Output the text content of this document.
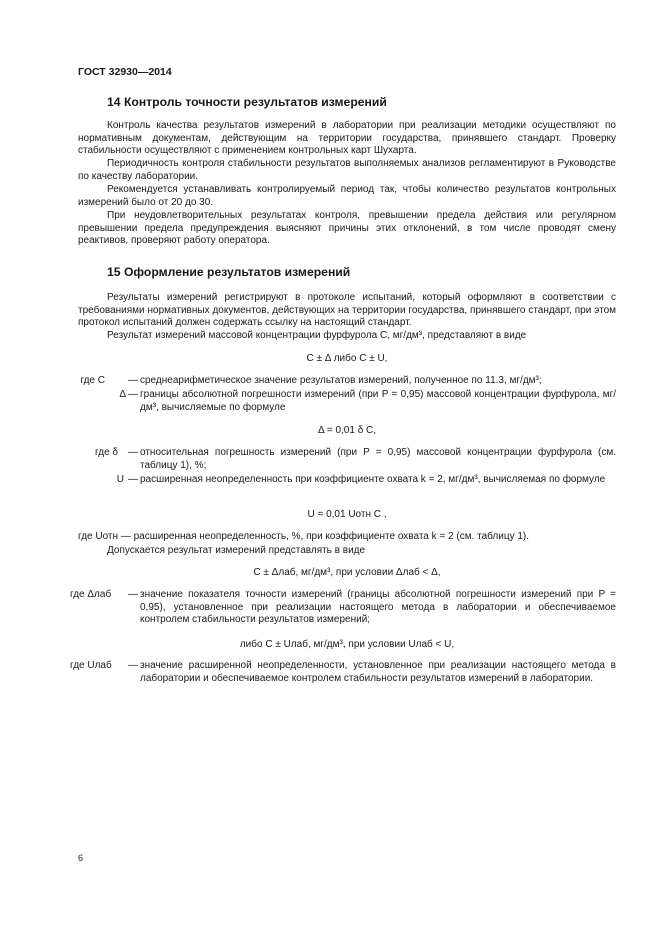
ГОСТ 32930—2014
14 Контроль точности результатов измерений
Контроль качества результатов измерений в лаборатории при реализации методики осуществляют по нормативным документам, действующим на территории государства, принявшего стандарт. Проверку стабильности осуществляют с применением контрольных карт Шухарта.
Периодичность контроля стабильности результатов выполняемых анализов регламентируют в Руководстве по качеству лаборатории.
Рекомендуется устанавливать контролируемый период так, чтобы количество результатов контрольных измерений было от 20 до 30.
При неудовлетворительных результатах контроля, превышении предела действия или регулярном превышении предела предупреждения выясняют причины этих отклонений, в том числе проводят смену реактивов, проверяют работу оператора.
15 Оформление результатов измерений
Результаты измерений регистрируют в протоколе испытаний, который оформляют в соответствии с требованиями нормативных документов, действующих на территории государства, принявшего стандарт, при этом протокол испытаний должен содержать ссылку на настоящий стандарт.
Результат измерений массовой концентрации фурфурола C, мг/дм³, представляют в виде
C ± Δ либо C ± U,
где C — среднеарифметическое значение результатов измерений, полученное по 11.3, мг/дм³;
Δ — границы абсолютной погрешности измерений (при P = 0,95) массовой концентрации фурфурола, мг/дм³, вычисляемые по формуле
Δ = 0,01 δ C,
где δ — относительная погрешность измерений (при P = 0,95) массовой концентрации фурфурола (см. таблицу 1), %;
U — расширенная неопределенность при коэффициенте охвата k = 2, мг/дм³, вычисляемая по формуле
U = 0,01 Uотн C ,
где Uотн — расширенная неопределенность, %, при коэффициенте охвата k = 2 (см. таблицу 1).
Допускается результат измерений представлять в виде
C ± Δлаб, мг/дм³, при условии Δлаб < Δ,
где Δлаб	— значение показателя точности измерений (границы абсолютной погрешности измерений при P = 0,95), установленное при реализации настоящего метода в лаборатории и обеспечиваемое контролем стабильности результатов измерений;
либо C ± Uлаб, мг/дм³, при условии Uлаб < U,
где Uлаб	— значение расширенной неопределенности, установленное при реализации настоящего метода в лаборатории и обеспечиваемое контролем стабильности результатов измерений в лаборатории.
6
